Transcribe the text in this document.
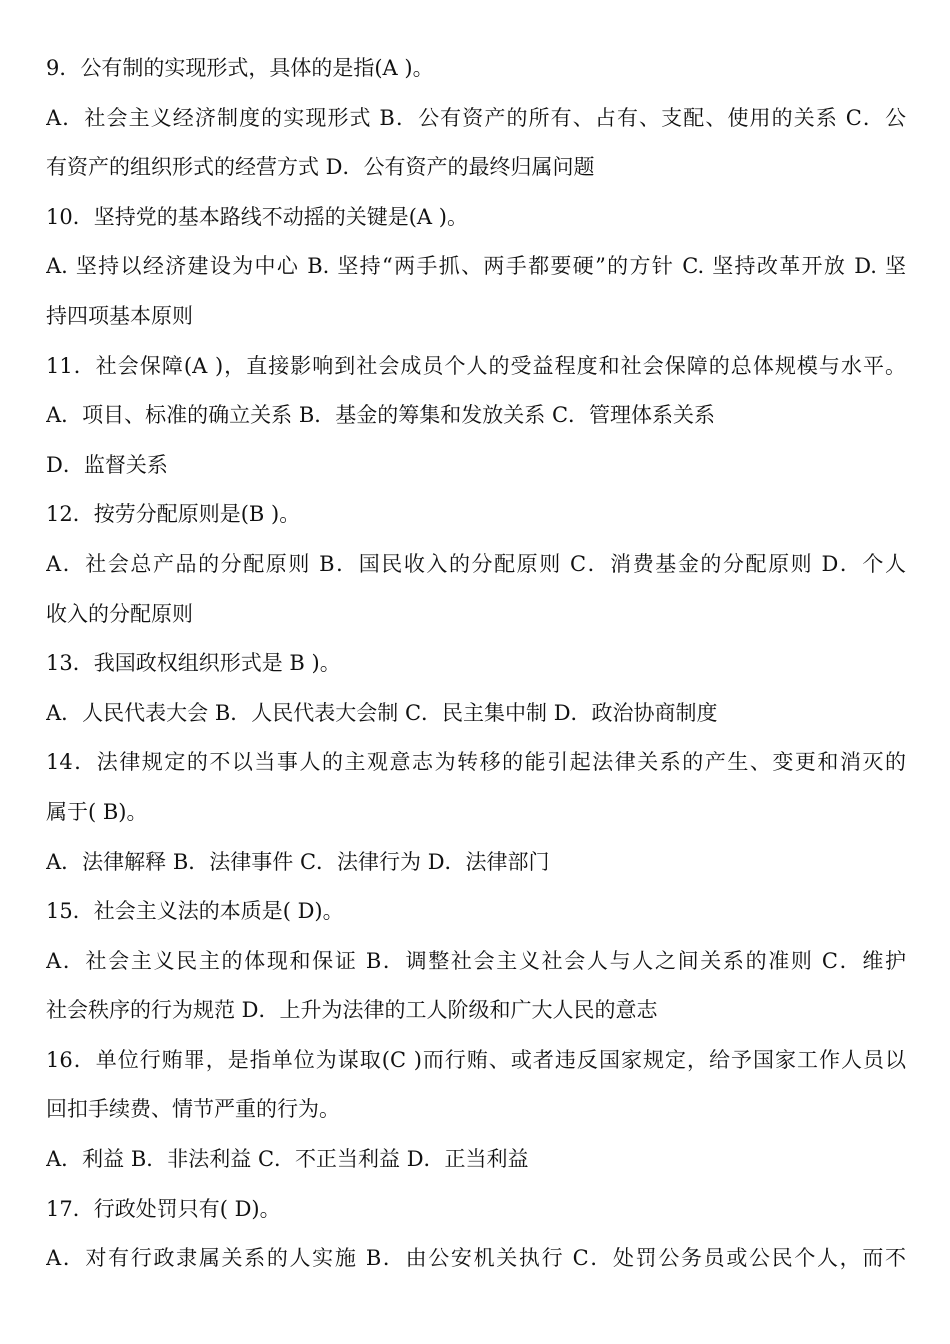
9．公有制的实现形式，具体的是指(A )。
A．社会主义经济制度的实现形式 B．公有资产的所有、占有、支配、使用的关系 C．公
有资产的组织形式的经营方式 D．公有资产的最终归属问题
10．坚持党的基本路线不动摇的关键是(A )。
A. 坚持以经济建设为中心 B. 坚持“两手抓、两手都要硬”的方针 C. 坚持改革开放 D. 坚
持四项基本原则
11．社会保障(A )，直接影响到社会成员个人的受益程度和社会保障的总体规模与水平。
A．项目、标准的确立关系 B．基金的筹集和发放关系 C．管理体系关系
D．监督关系
12．按劳分配原则是(B )。
A．社会总产品的分配原则 B．国民收入的分配原则 C．消费基金的分配原则 D．个人
收入的分配原则
13．我国政权组织形式是 B )。
A．人民代表大会 B．人民代表大会制 C．民主集中制 D．政治协商制度
14．法律规定的不以当事人的主观意志为转移的能引起法律关系的产生、变更和消灭的
属于( B)。
A．法律解释 B．法律事件 C．法律行为 D．法律部门
15．社会主义法的本质是( D)。
A．社会主义民主的体现和保证 B．调整社会主义社会人与人之间关系的准则 C．维护
社会秩序的行为规范 D．上升为法律的工人阶级和广大人民的意志
16．单位行贿罪，是指单位为谋取(C )而行贿、或者违反国家规定，给予国家工作人员以
回扣手续费、情节严重的行为。
A．利益 B．非法利益 C．不正当利益 D．正当利益
17．行政处罚只有( D)。
A．对有行政隶属关系的人实施 B．由公安机关执行 C．处罚公务员或公民个人，而不
